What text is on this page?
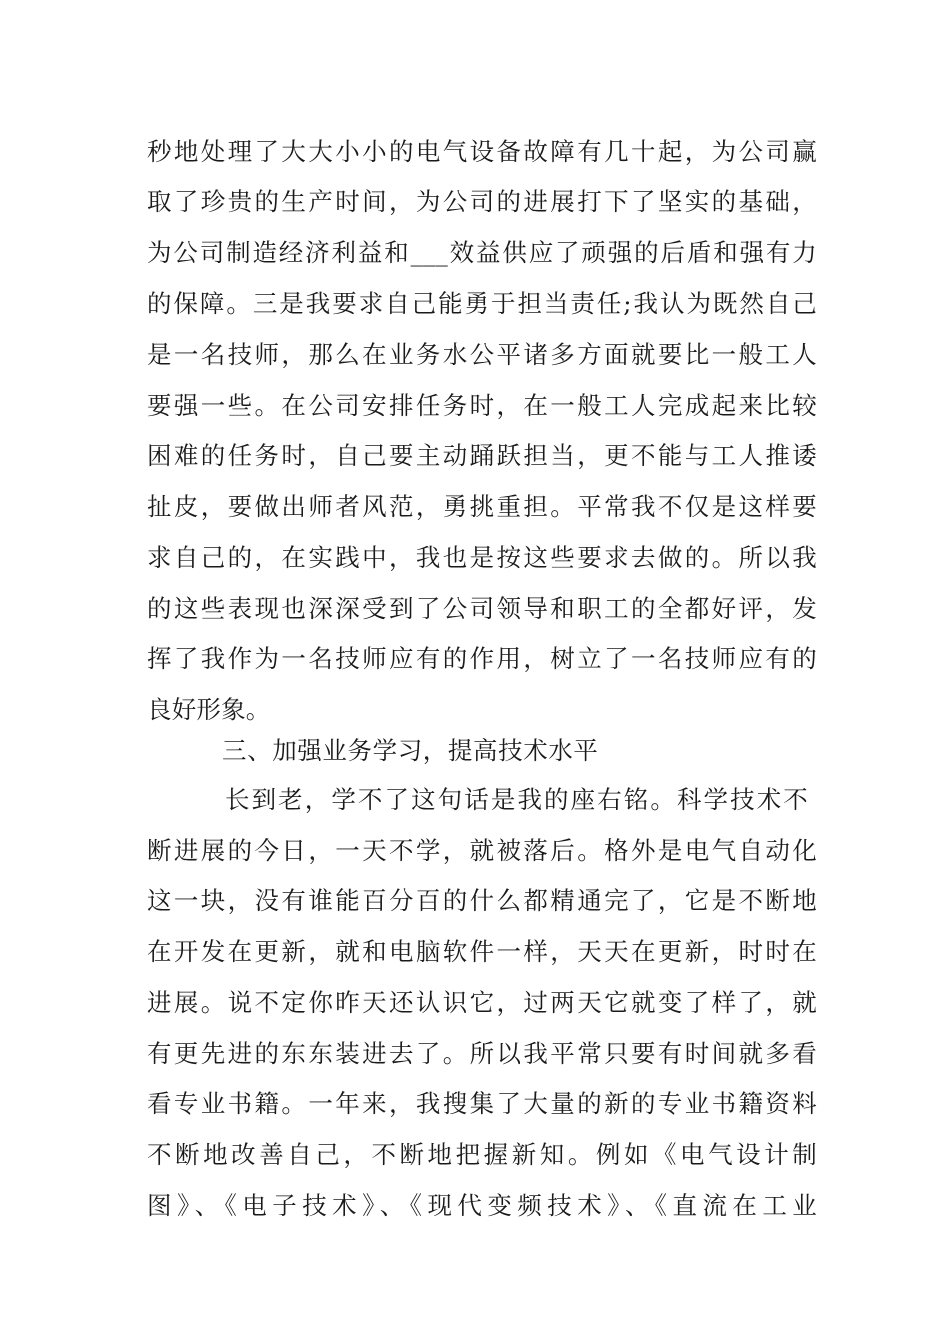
秒地处理了大大小小的电气设备故障有几十起，为公司赢
取了珍贵的生产时间，为公司的进展打下了坚实的基础，
为公司制造经济利益和___效益供应了顽强的后盾和强有力
的保障。三是我要求自己能勇于担当责任;我认为既然自己
是一名技师，那么在业务水公平诸多方面就要比一般工人
要强一些。在公司安排任务时，在一般工人完成起来比较
困难的任务时，自己要主动踊跃担当，更不能与工人推诿
扯皮，要做出师者风范，勇挑重担。平常我不仅是这样要
求自己的，在实践中，我也是按这些要求去做的。所以我
的这些表现也深深受到了公司领导和职工的全都好评，发
挥了我作为一名技师应有的作用，树立了一名技师应有的
良好形象。
三、加强业务学习，提高技术水平
长到老，学不了这句话是我的座右铭。科学技术不
断进展的今日，一天不学，就被落后。格外是电气自动化
这一块，没有谁能百分百的什么都精通完了，它是不断地
在开发在更新，就和电脑软件一样，天天在更新，时时在
进展。说不定你昨天还认识它，过两天它就变了样了，就
有更先进的东东装进去了。所以我平常只要有时间就多看
看专业书籍。一年来，我搜集了大量的新的专业书籍资料
不断地改善自己，不断地把握新知。例如《电气设计制
图》、《电子技术》、《现代变频技术》、《直流在工业
